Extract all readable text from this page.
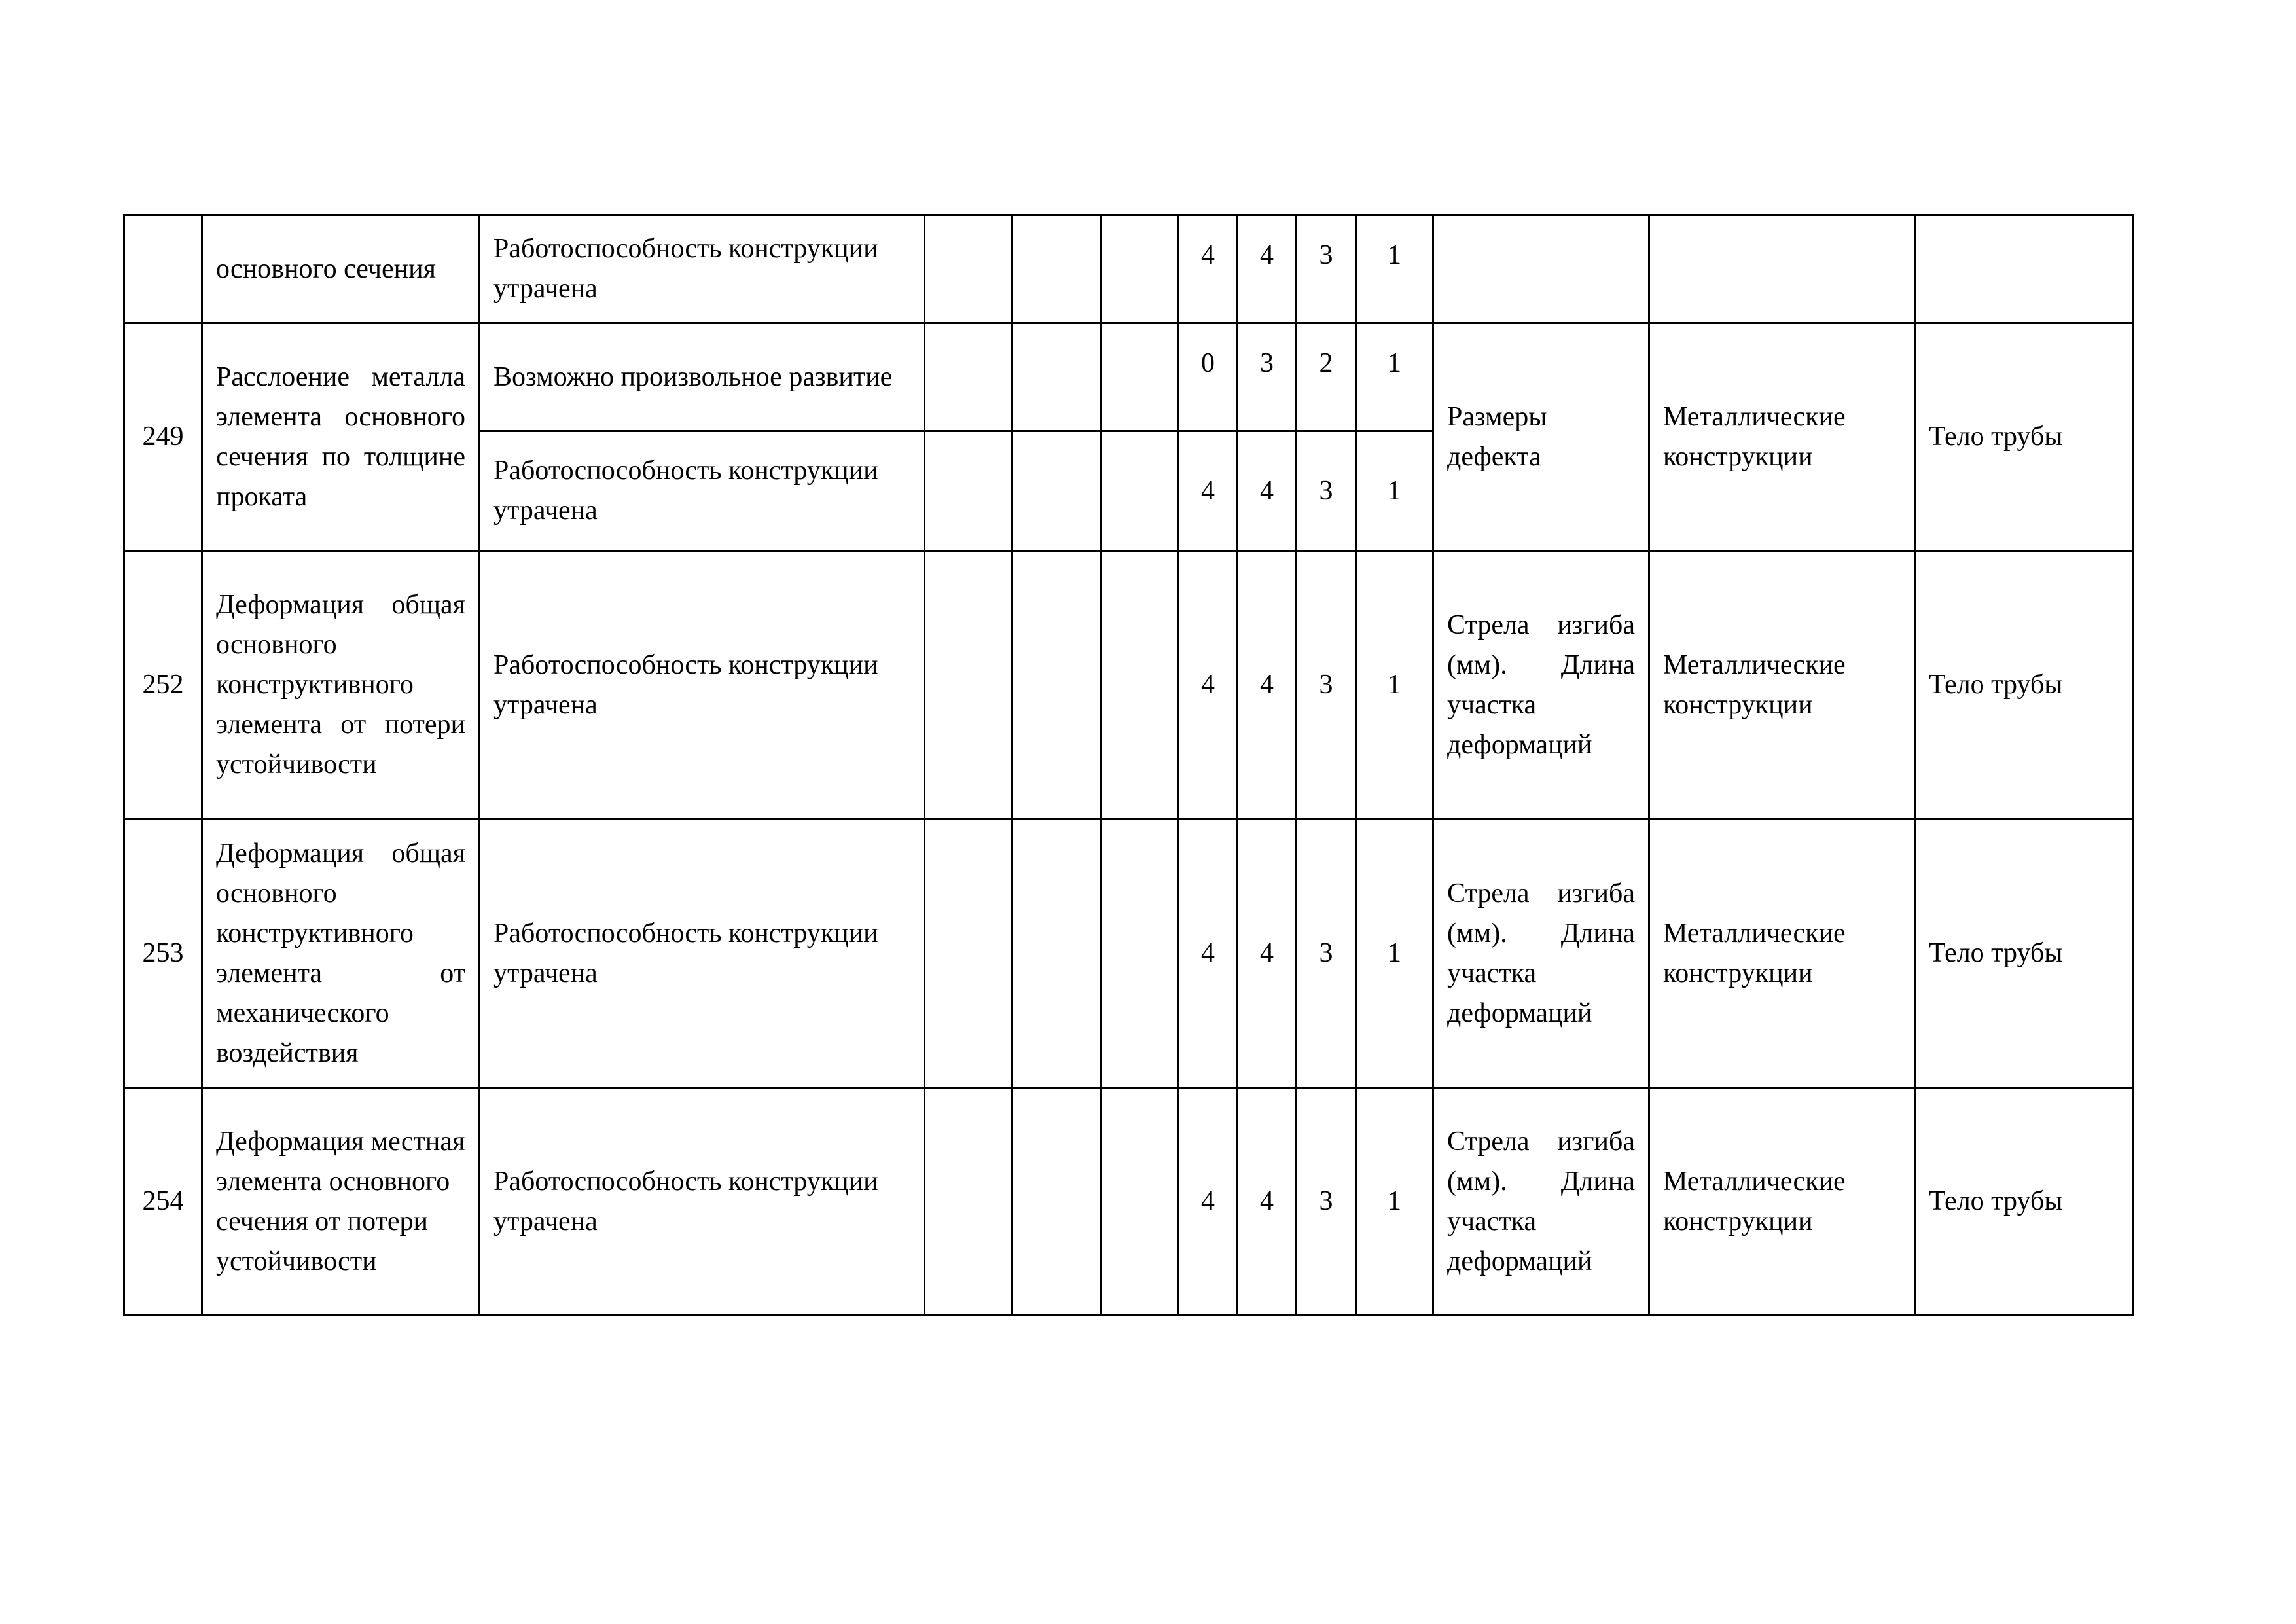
	основного сечения	Работоспособность конструкции утрачена				4	4	3	1			
249	Расслоение металла элемента основного сечения по толщине проката	Возможно произвольное развитие				0	3	2	1	Размеры дефекта	Металлические конструкции	Тело трубы
		Работоспособность конструкции утрачена				4	4	3	1			
252	Деформация общая основного конструктивного элемента от потери устойчивости	Работоспособность конструкции утрачена				4	4	3	1	Стрела изгиба (мм). Длина участка деформаций	Металлические конструкции	Тело трубы
253	Деформация общая основного конструктивного элемента от механического воздействия	Работоспособность конструкции утрачена				4	4	3	1	Стрела изгиба (мм). Длина участка деформаций	Металлические конструкции	Тело трубы
254	Деформация местная элемента основного сечения от потери устойчивости	Работоспособность конструкции утрачена				4	4	3	1	Стрела изгиба (мм). Длина участка деформаций	Металлические конструкции	Тело трубы
